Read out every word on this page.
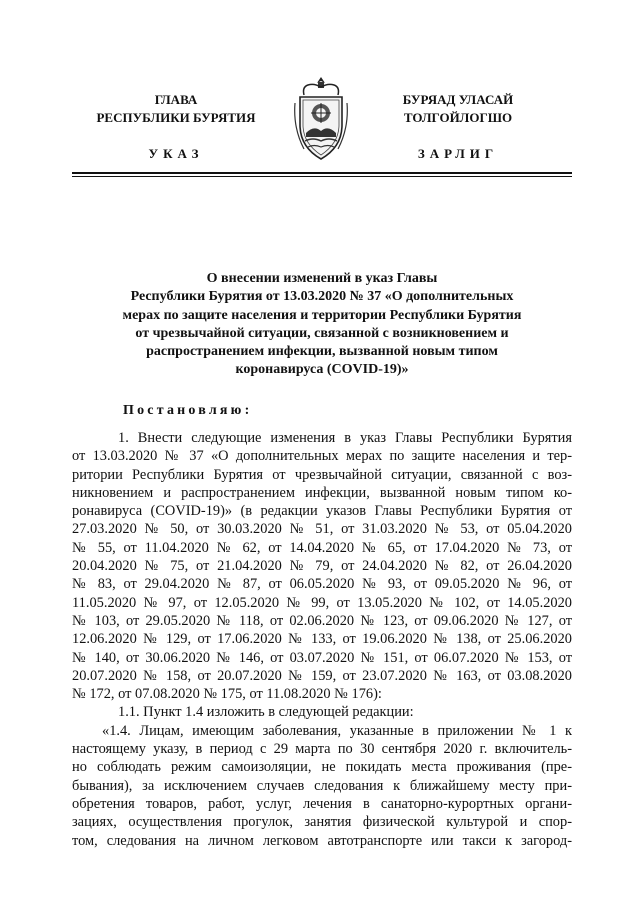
ГЛАВА
РЕСПУБЛИКИ БУРЯТИЯ
УКАЗ
БУРЯАД УЛАСАЙ
ТОЛГОЙЛОГШО
ЗАРЛИГ
О внесении изменений в указ Главы
Республики Бурятия от 13.03.2020 № 37 «О дополнительных
мерах по защите населения и территории Республики Бурятия
от чрезвычайной ситуации, связанной с возникновением и
распространением инфекции, вызванной новым типом
коронавируса (COVID-19)»
Постановляю:
1. Внести следующие изменения в указ Главы Республики Бурятия
от 13.03.2020 № 37 «О дополнительных мерах по защите населения и тер-
ритории Республики Бурятия от чрезвычайной ситуации, связанной с воз-
никновением и распространением инфекции, вызванной новым типом ко-
ронавируса (COVID-19)» (в редакции указов Главы Республики Бурятия от
27.03.2020 № 50, от 30.03.2020 № 51, от 31.03.2020 № 53, от 05.04.2020
№ 55, от 11.04.2020 № 62, от 14.04.2020 № 65, от 17.04.2020 № 73, от
20.04.2020 № 75, от 21.04.2020 № 79, от 24.04.2020 № 82, от 26.04.2020
№ 83, от 29.04.2020 № 87, от 06.05.2020 № 93, от 09.05.2020 № 96, от
11.05.2020 № 97, от 12.05.2020 № 99, от 13.05.2020 № 102, от 14.05.2020
№ 103, от 29.05.2020 № 118, от 02.06.2020 № 123, от 09.06.2020 № 127, от
12.06.2020 № 129, от 17.06.2020 № 133, от 19.06.2020 № 138, от 25.06.2020
№ 140, от 30.06.2020 № 146, от 03.07.2020 № 151, от 06.07.2020 № 153, от
20.07.2020 № 158, от 20.07.2020 № 159, от 23.07.2020 № 163, от 03.08.2020
№ 172, от 07.08.2020 № 175, от 11.08.2020 № 176):
1.1. Пункт 1.4 изложить в следующей редакции:
«1.4. Лицам, имеющим заболевания, указанные в приложении № 1 к
настоящему указу, в период с 29 марта по 30 сентября 2020 г. включитель-
но соблюдать режим самоизоляции, не покидать места проживания (пре-
бывания), за исключением случаев следования к ближайшему месту при-
обретения товаров, работ, услуг, лечения в санаторно-курортных органи-
зациях, осуществления прогулок, занятия физической культурой и спор-
том, следования на личном легковом автотранспорте или такси к загород-
